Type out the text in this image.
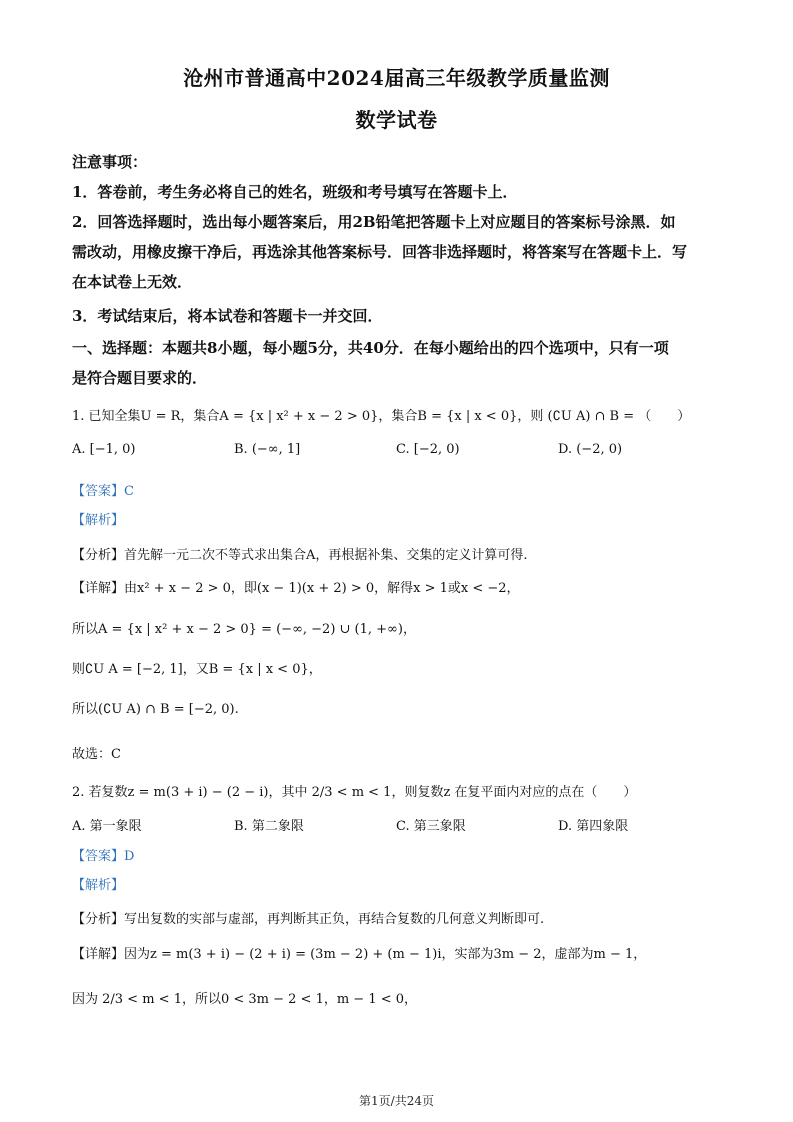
沧州市普通高中2024届高三年级教学质量监测
数学试卷
注意事项：
1．答卷前，考生务必将自己的姓名，班级和考号填写在答题卡上．
2．回答选择题时，选出每小题答案后，用2B铅笔把答题卡上对应题目的答案标号涂黑．如
需改动，用橡皮擦干净后，再选涂其他答案标号．回答非选择题时，将答案写在答题卡上．写
在本试卷上无效．
3．考试结束后，将本试卷和答题卡一并交回．
一、选择题：本题共8小题，每小题5分，共40分．在每小题给出的四个选项中，只有一项
是符合题目要求的．
1. 已知全集U = R，集合A = {x | x² + x − 2 > 0}，集合B = {x | x < 0}，则 (∁U A) ∩ B = （　　）
A. [−1, 0)	B. (−∞, 1]	C. [−2, 0)	D. (−2, 0)
【答案】C
【解析】
【分析】首先解一元二次不等式求出集合A，再根据补集、交集的定义计算可得.
【详解】由x² + x − 2 > 0，即(x − 1)(x + 2) > 0，解得x > 1或x < −2，
所以A = {x | x² + x − 2 > 0} = (−∞, −2) ∪ (1, +∞)，
则∁U A = [−2, 1]，又B = {x | x < 0}，
所以(∁U A) ∩ B = [−2, 0).
故选：C
2. 若复数z = m(3 + i) − (2 − i)，其中 2/3 < m < 1，则复数z 在复平面内对应的点在（　　）
A. 第一象限	B. 第二象限	C. 第三象限	D. 第四象限
【答案】D
【解析】
【分析】写出复数的实部与虚部，再判断其正负，再结合复数的几何意义判断即可.
【详解】因为z = m(3 + i) − (2 + i) = (3m − 2) + (m − 1)i，实部为3m − 2，虚部为m − 1，
因为 2/3 < m < 1，所以0 < 3m − 2 < 1，m − 1 < 0，
第1页/共24页
